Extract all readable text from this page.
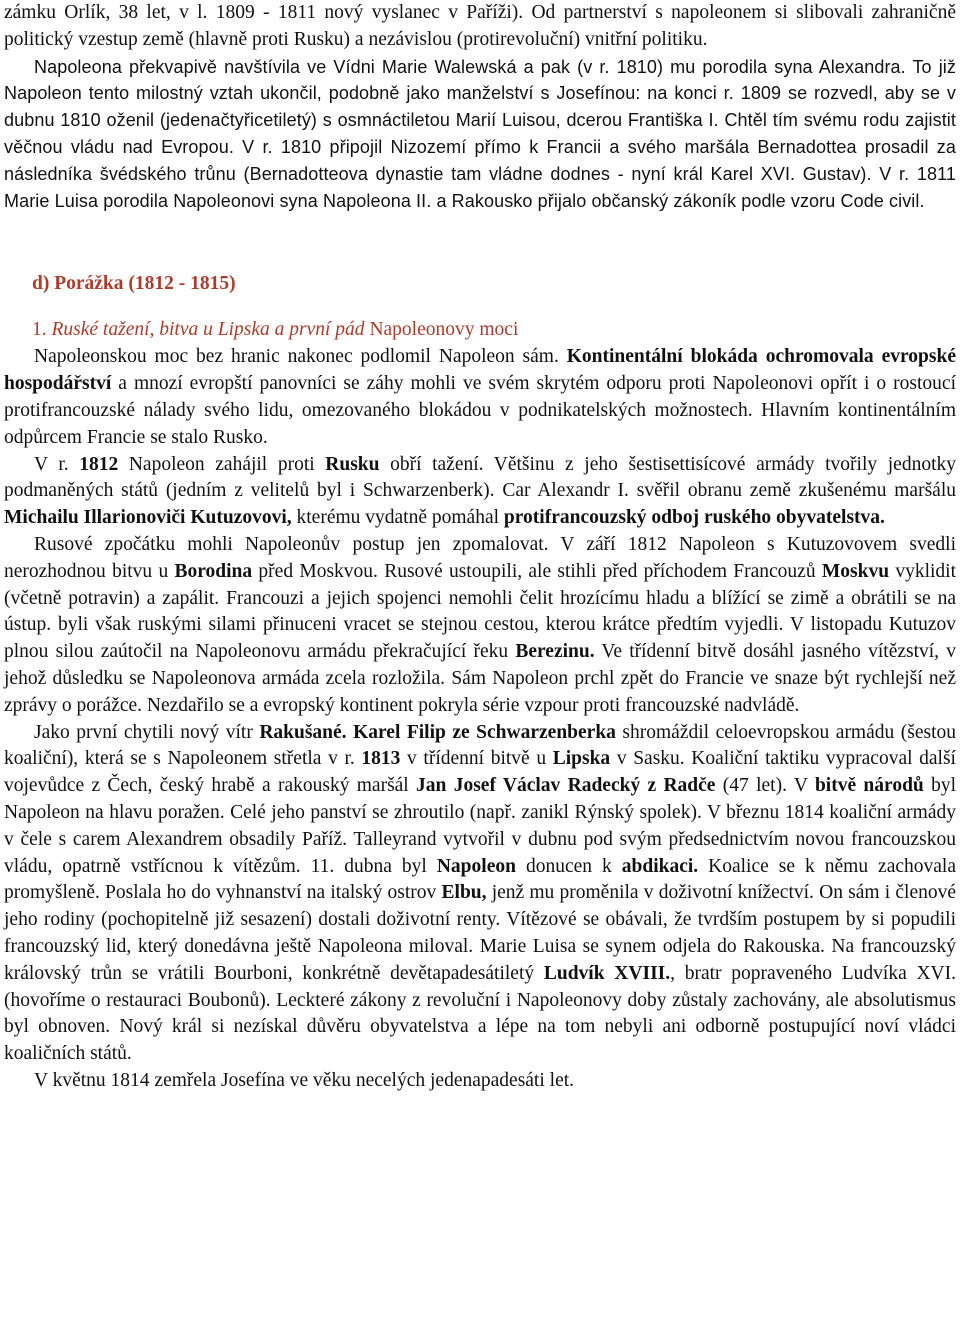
zámku Orlík, 38 let, v l. 1809 - 1811 nový vyslanec v Paříži). Od partnerství s napoleonem si slibovali zahraničně politický vzestup země (hlavně proti Rusku) a nezávislou (protirevoluční) vnitřní politiku.

Napoleona překvapivě navštívila ve Vídni Marie Walewská a pak (v r. 1810) mu porodila syna Alexandra. To již Napoleon tento milostný vztah ukončil, podobně jako manželství s Josefínou: na konci r. 1809 se rozvedl, aby se v dubnu 1810 oženil (jedenačtyřicetiletý) s osmnáctiletou Marií Luisou, dcerou Františka I. Chtěl tím svému rodu zajistit věčnou vládu nad Evropou. V r. 1810 připojil Nizozemí přímo k Francii a svého maršála Bernadottea prosadil za následníka švédského trůnu (Bernadotteova dynastie tam vládne dodnes - nyní král Karel XVI. Gustav). V r. 1811 Marie Luisa porodila Napoleonovi syna Napoleona II. a Rakousko přijalo občanský zákoník podle vzoru Code civil.

d) Porážka (1812 - 1815)
1. Ruské tažení, bitva u Lipska a první pád Napoleonovy moci

Napoleonskou moc bez hranic nakonec podlomil Napoleon sám. Kontinentální blokáda ochromovala evropské hospodářství a mnozí evropští panovníci se záhy mohli ve svém skrytém odporu proti Napoleonovi opřít i o rostoucí protifrancouzské nálady svého lidu, omezovaného blokádou v podnikatelských možnostech. Hlavním kontinentálním odpůrcem Francie se stalo Rusko.

V r. 1812 Napoleon zahájil proti Rusku obří tažení. Většinu z jeho šestisettisícové armády tvořily jednotky podmaněných států (jedním z velitelů byl i Schwarzenberk). Car Alexandr I. svěřil obranu země zkušenému maršálu Michailu Illarionoviči Kutuzovovi, kterému vydatně pomáhal protifrancouzský odboj ruského obyvatelstva.

Rusové zpočátku mohli Napoleonův postup jen zpomalovat. V září 1812 Napoleon s Kutuzovovem svedli nerozhodnou bitvu u Borodina před Moskvou. Rusové ustoupili, ale stihli před příchodem Francouzů Moskvu vyklidit (včetně potravin) a zapálit. Francouzi a jejich spojenci nemohli čelit hrozícímu hladu a blížící se zimě a obrátili se na ústup. byli však ruskými silami přinuceni vracet se stejnou cestou, kterou krátce předtím vyjedli. V listopadu Kutuzov plnou silou zaútočil na Napoleonovu armádu překračující řeku Berezinu. Ve třídenní bitvě dosáhl jasného vítězství, v jehož důsledku se Napoleonova armáda zcela rozložila. Sám Napoleon prchl zpět do Francie ve snaze být rychlejší než zprávy o porážce. Nezdařilo se a evropský kontinent pokryla série vzpour proti francouzské nadvládě.

Jako první chytili nový vítr Rakušané. Karel Filip ze Schwarzenberka shromáždil celoevropskou armádu (šestou koaliční), která se s Napoleonem střetla v r. 1813 v třídenní bitvě u Lipska v Sasku. Koaliční taktiku vypracoval další vojevůdce z Čech, český hrabě a rakouský maršál Jan Josef Václav Radecký z Radče (47 let). V bitvě národů byl Napoleon na hlavu poražen. Celé jeho panství se zhroutilo (např. zanikl Rýnský spolek). V březnu 1814 koaliční armády v čele s carem Alexandrem obsadily Paříž. Talleyrand vytvořil v dubnu pod svým předsednictvím novou francouzskou vládu, opatrně vstřícnou k vítězům. 11. dubna byl Napoleon donucen k abdikaci. Koalice se k němu zachovala promyšleně. Poslala ho do vyhnanství na italský ostrov Elbu, jenž mu proměnila v doživotní knížectví. On sám i členové jeho rodiny (pochopitelně již sesazení) dostali doživotní renty. Vítězové se obávali, že tvrdším postupem by si popudili francouzský lid, který donedávna ještě Napoleona miloval. Marie Luisa se synem odjela do Rakouska. Na francouzský královský trůn se vrátili Bourboni, konkrétně devětapadesátiletý Ludvík XVIII., bratr popraveného Ludvíka XVI. (hovoříme o restauraci Boubonů). Leckteré zákony z revoluční i Napoleonovy doby zůstaly zachovány, ale absolutismus byl obnoven. Nový král si nezískal důvěru obyvatelstva a lépe na tom nebyli ani odborně postupující noví vládci koaličních států.

V květnu 1814 zemřela Josefína ve věku necelých jedenapadesáti let.
